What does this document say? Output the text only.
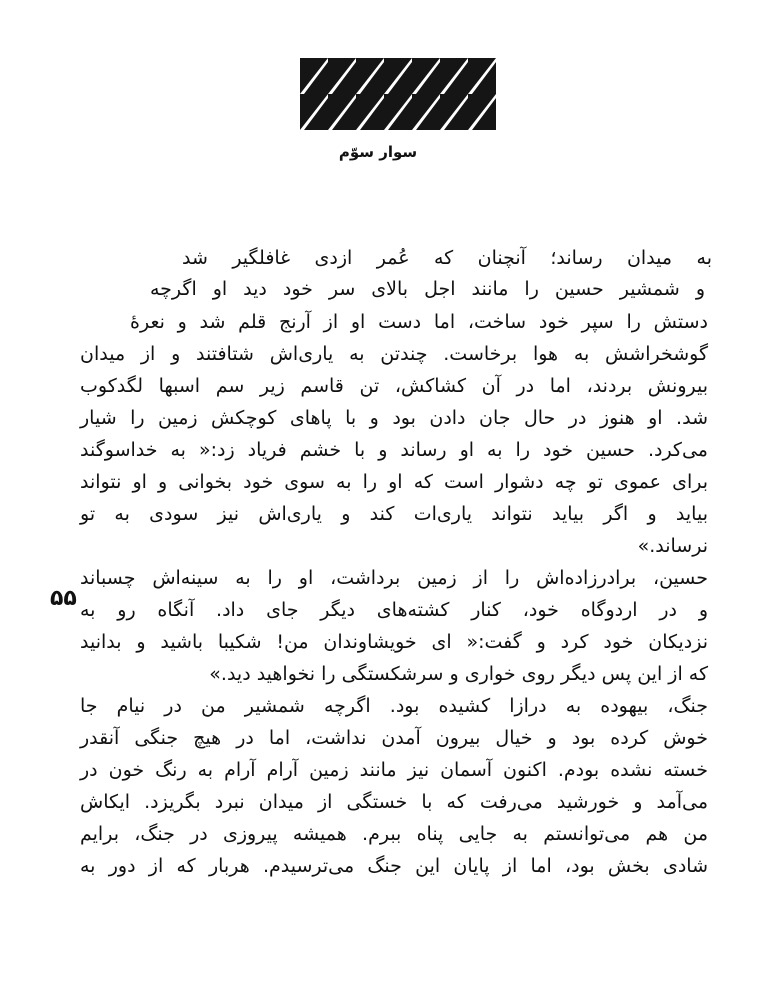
سوار سوّم
به میدان رساند؛ آنچنان که عُمر ازدی غافلگیر شد
و شمشیر حسین را مانند اجل بالای سر خود دید او اگرچه
دستش را سپر خود ساخت، اما دست او از آرنج قلم شد و نعرهٔ
گوشخراشش به هوا برخاست. چندتن به یاری‌اش شتافتند و از میدان
بیرونش بردند، اما در آن کشاکش، تن قاسم زیر سم اسبها لگدکوب
شد. او هنوز در حال جان دادن بود و با پاهای کوچکش زمین را شیار
می‌کرد. حسین خود را به او رساند و با خشم فریاد زد:« به خداسوگند
برای عموی تو چه دشوار است که او را به سوی خود بخوانی و او نتواند
بیاید و اگر بیاید نتواند یاری‌ات کند و یاری‌اش نیز سودی به تو
نرساند.»
حسین، برادرزاده‌اش را از زمین برداشت، او را به سینه‌اش چسباند
و در اردوگاه خود، کنار کشته‌های دیگر جای داد. آنگاه رو به
نزدیکان خود کرد و گفت:« ای خویشاوندان من! شکیبا باشید و بدانید
که از این پس دیگر روی خواری و سرشکستگی را نخواهید دید.»
جنگ، بیهوده به درازا کشیده بود. اگرچه شمشیر من در نیام جا
خوش کرده بود و خیال بیرون آمدن نداشت، اما در هیچ جنگی آنقدر
خسته نشده بودم. اکنون آسمان نیز مانند زمین آرام آرام به رنگ خون در
می‌آمد و خورشید می‌رفت که با خستگی از میدان نبرد بگریزد. ایکاش
من هم می‌توانستم به جایی پناه ببرم. همیشه پیروزی در جنگ، برایم
شادی بخش بود، اما از پایان این جنگ می‌ترسیدم. هربار که از دور به
۵۵
